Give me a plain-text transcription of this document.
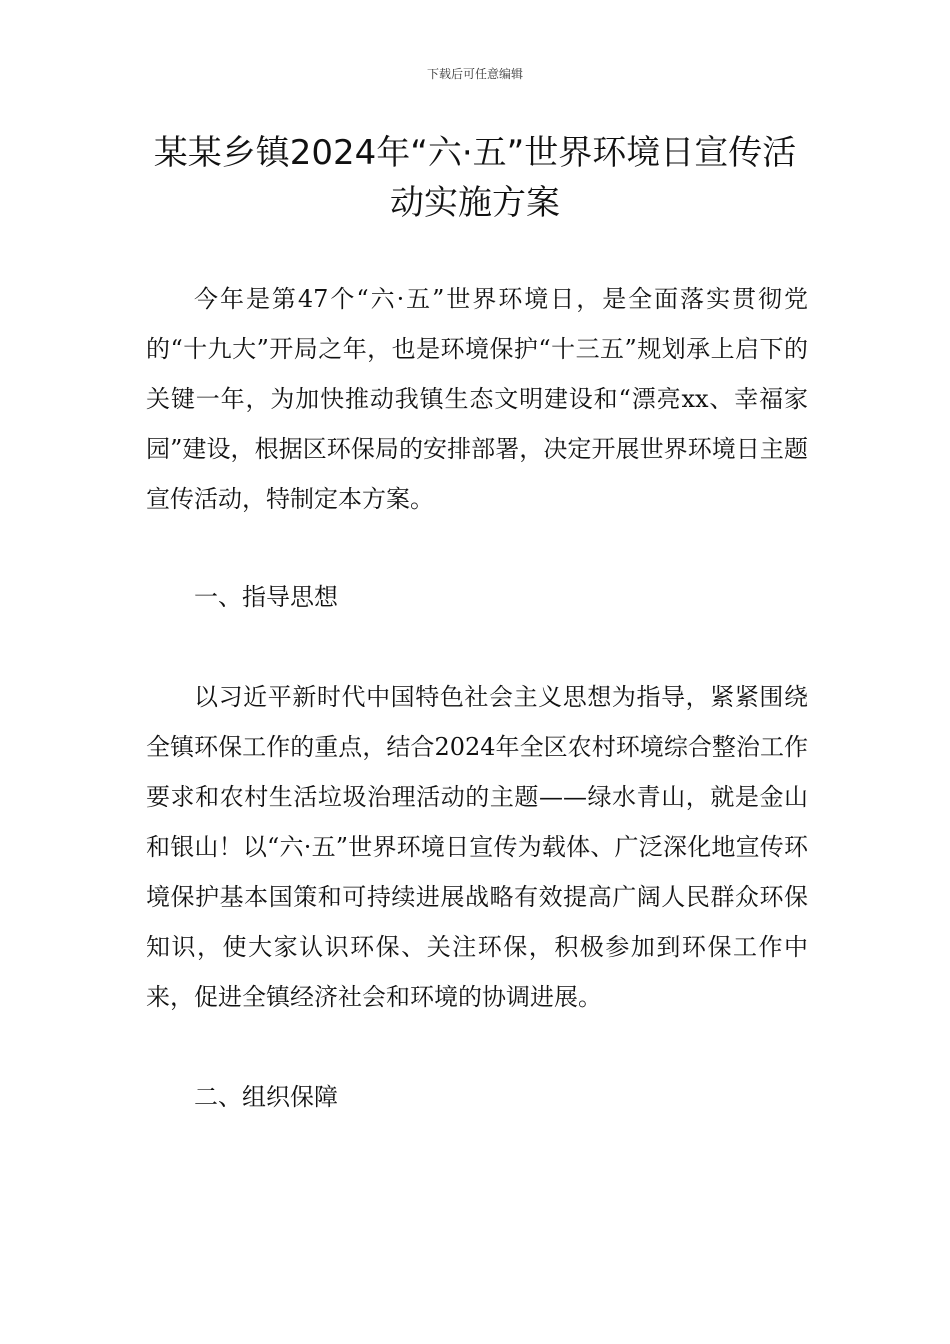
下载后可任意编辑
某某乡镇2024年“六·五”世界环境日宣传活动实施方案

今年是第47个“六·五”世界环境日，是全面落实贯彻党的“十九大”开局之年，也是环境保护“十三五”规划承上启下的关键一年，为加快推动我镇生态文明建设和“漂亮xx、幸福家园”建设，根据区环保局的安排部署，决定开展世界环境日主题宣传活动，特制定本方案。

一、指导思想

以习近平新时代中国特色社会主义思想为指导，紧紧围绕全镇环保工作的重点，结合2024年全区农村环境综合整治工作要求和农村生活垃圾治理活动的主题——绿水青山，就是金山和银山！以“六·五”世界环境日宣传为载体、广泛深化地宣传环境保护基本国策和可持续进展战略有效提高广阔人民群众环保知识，使大家认识环保、关注环保，积极参加到环保工作中来，促进全镇经济社会和环境的协调进展。

二、组织保障
